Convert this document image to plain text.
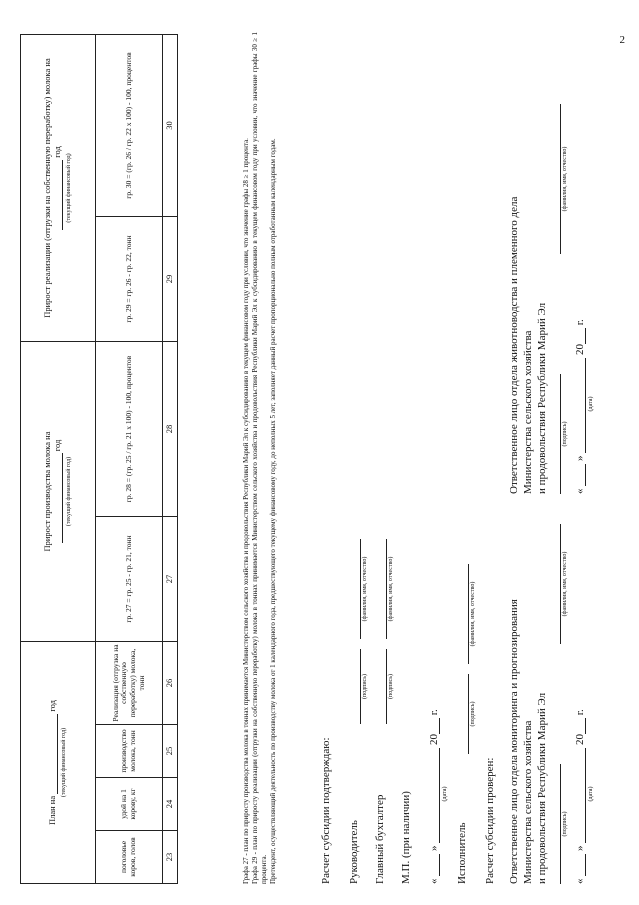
2
План на  год
(текущий финансовый год)				Прирост производства молока на
год
(текущий финансовый год)		Прирост реализации (отгрузки на собственную переработку) молока на  год
(текущий финансовый год)	
поголовье коров, голов	удой на 1 корову, кг	производство молока, тонн	Реализация (отгрузка на собственную переработку) молока, тонн	гр. 27 = гр. 25 - гр. 21, тонн	гр. 28 = (гр. 25 / гр. 21 x 100) - 100, процентов	гр. 29 = гр. 26 - гр. 22, тонн	гр. 30 = (гр. 26 / гр. 22 x 100) - 100, процентов
23	24	25	26	27	28	29	30

Графа 27 - план по приросту производства молока в тоннах принимается Министерством сельского хозяйства и продовольствия Республики Марий Эл к субсидированию в текущем финансовом году при условии, что значение графы 28 ≥ 1 процента. Графа 29 - план по приросту реализации (отгрузки на собственную переработку) молока в тоннах принимается Министерством сельского хозяйства и продовольствия Республики Марий Эл к субсидированию в текущем финансовом году при условии, что значение графы 30 ≥ 1 процента. Претендент, осуществляющий деятельность по производству молока от 1 календарного года, предшествующего текущему финансовому году, до неполных 5 лет, заполняет данный расчет пропорционально полным отработанным календарным годам.	Расчет субсидии подтверждаю: Руководитель
(подпись)
(фамилия, имя, отчество)
Главный бухгалтер
(подпись)
(фамилия, имя, отчество)
М.П. (при наличии) «  »  20 г.
(дата)
Исполнитель
(подпись)
(фамилия, имя, отчество)
Расчет субсидии проверен: Ответственное лицо отдела мониторинга и прогнозирования Министерства сельского хозяйства и продовольствия Республики Марий Эл (подпись)
(фамилия, имя, отчество)
«  »  20 г.
(дата)
Ответственное лицо отдела животноводства и племенного дела Министерства сельского хозяйства и продовольствия Республики Марий Эл (подпись)
(фамилия, имя, отчество)
«  »  20 г.
(дата)
